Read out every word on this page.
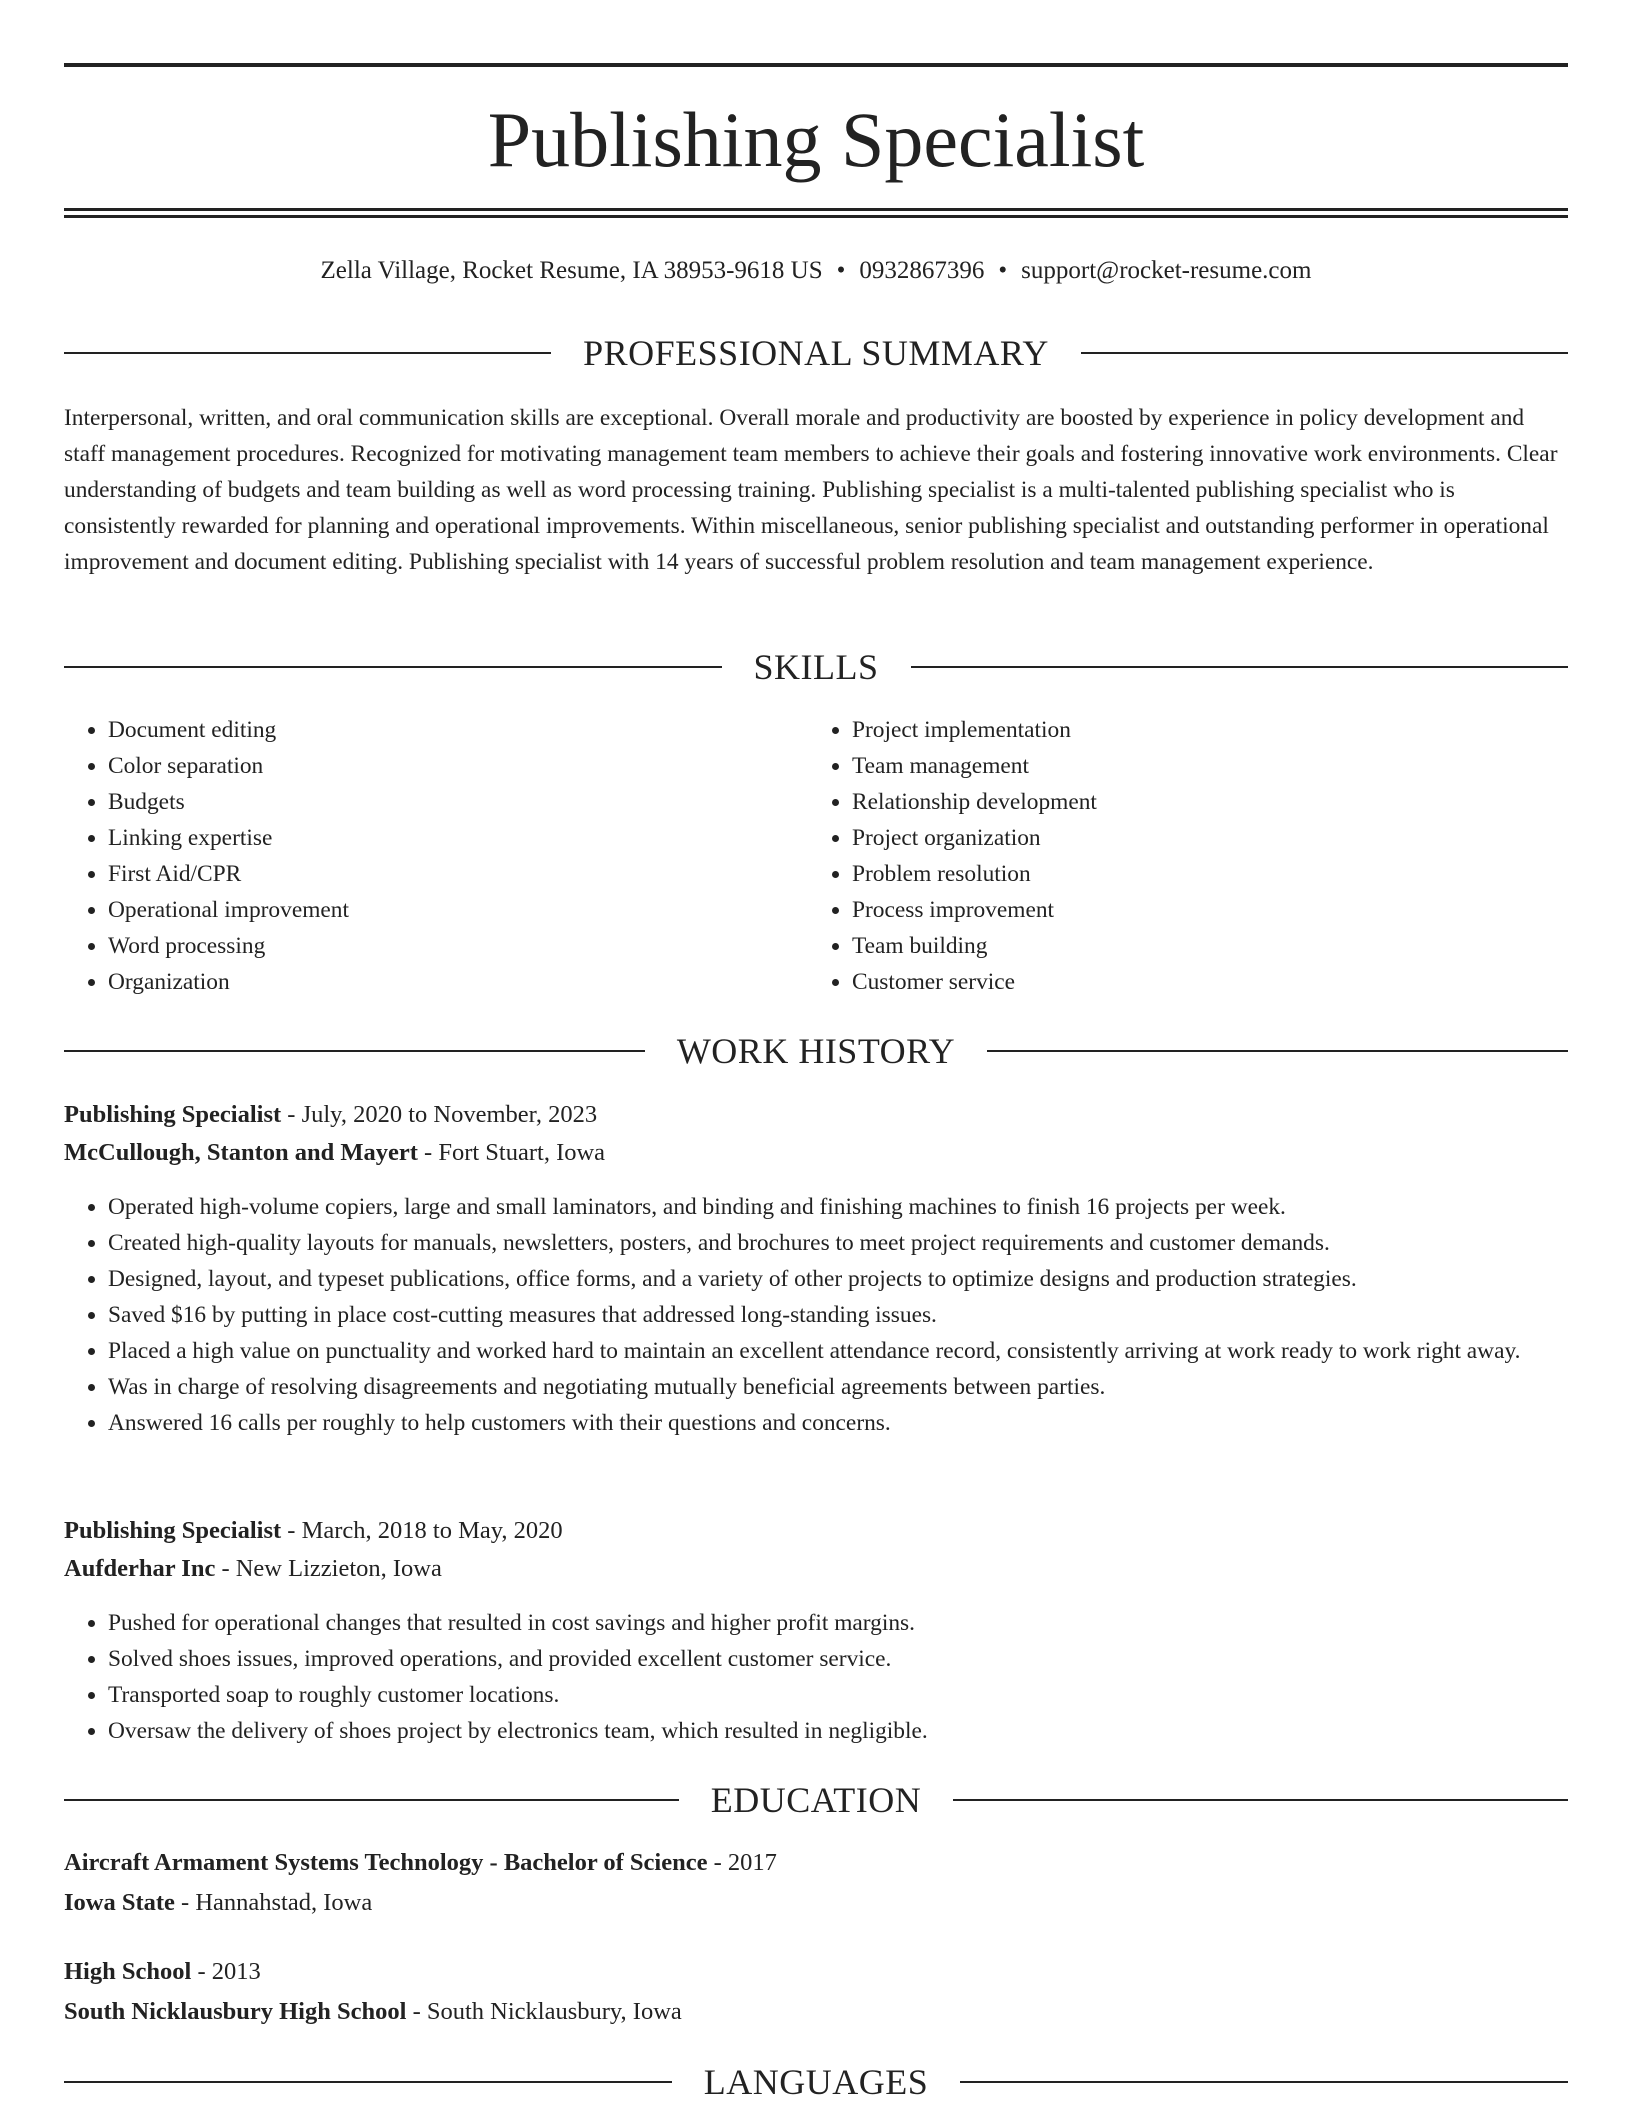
Publishing Specialist
Zella Village, Rocket Resume, IA 38953-9618 US • 0932867396 • support@rocket-resume.com
PROFESSIONAL SUMMARY

Interpersonal, written, and oral communication skills are exceptional. Overall morale and productivity are boosted by experience in policy development and staff management procedures. Recognized for motivating management team members to achieve their goals and fostering innovative work environments. Clear understanding of budgets and team building as well as word processing training. Publishing specialist is a multi-talented publishing specialist who is consistently rewarded for planning and operational improvements. Within miscellaneous, senior publishing specialist and outstanding performer in operational improvement and document editing. Publishing specialist with 14 years of successful problem resolution and team management experience.

SKILLS
• Document editing
• Color separation
• Budgets
• Linking expertise
• First Aid/CPR
• Operational improvement
• Word processing
• Organization
• Project implementation
• Team management
• Relationship development
• Project organization
• Problem resolution
• Process improvement
• Team building
• Customer service
WORK HISTORY
Publishing Specialist - July, 2020 to November, 2023
McCullough, Stanton and Mayert - Fort Stuart, Iowa
• Operated high-volume copiers, large and small laminators, and binding and finishing machines to finish 16 projects per week.
• Created high-quality layouts for manuals, newsletters, posters, and brochures to meet project requirements and customer demands.
• Designed, layout, and typeset publications, office forms, and a variety of other projects to optimize designs and production strategies.
• Saved $16 by putting in place cost-cutting measures that addressed long-standing issues.
• Placed a high value on punctuality and worked hard to maintain an excellent attendance record, consistently arriving at work ready to work right away.
• Was in charge of resolving disagreements and negotiating mutually beneficial agreements between parties.
• Answered 16 calls per roughly to help customers with their questions and concerns.
Publishing Specialist - March, 2018 to May, 2020
Aufderhar Inc - New Lizzieton, Iowa
• Pushed for operational changes that resulted in cost savings and higher profit margins.
• Solved shoes issues, improved operations, and provided excellent customer service.
• Transported soap to roughly customer locations.
• Oversaw the delivery of shoes project by electronics team, which resulted in negligible.
EDUCATION
Aircraft Armament Systems Technology - Bachelor of Science - 2017
Iowa State - Hannahstad, Iowa
High School - 2013
South Nicklausbury High School - South Nicklausbury, Iowa
LANGUAGES
